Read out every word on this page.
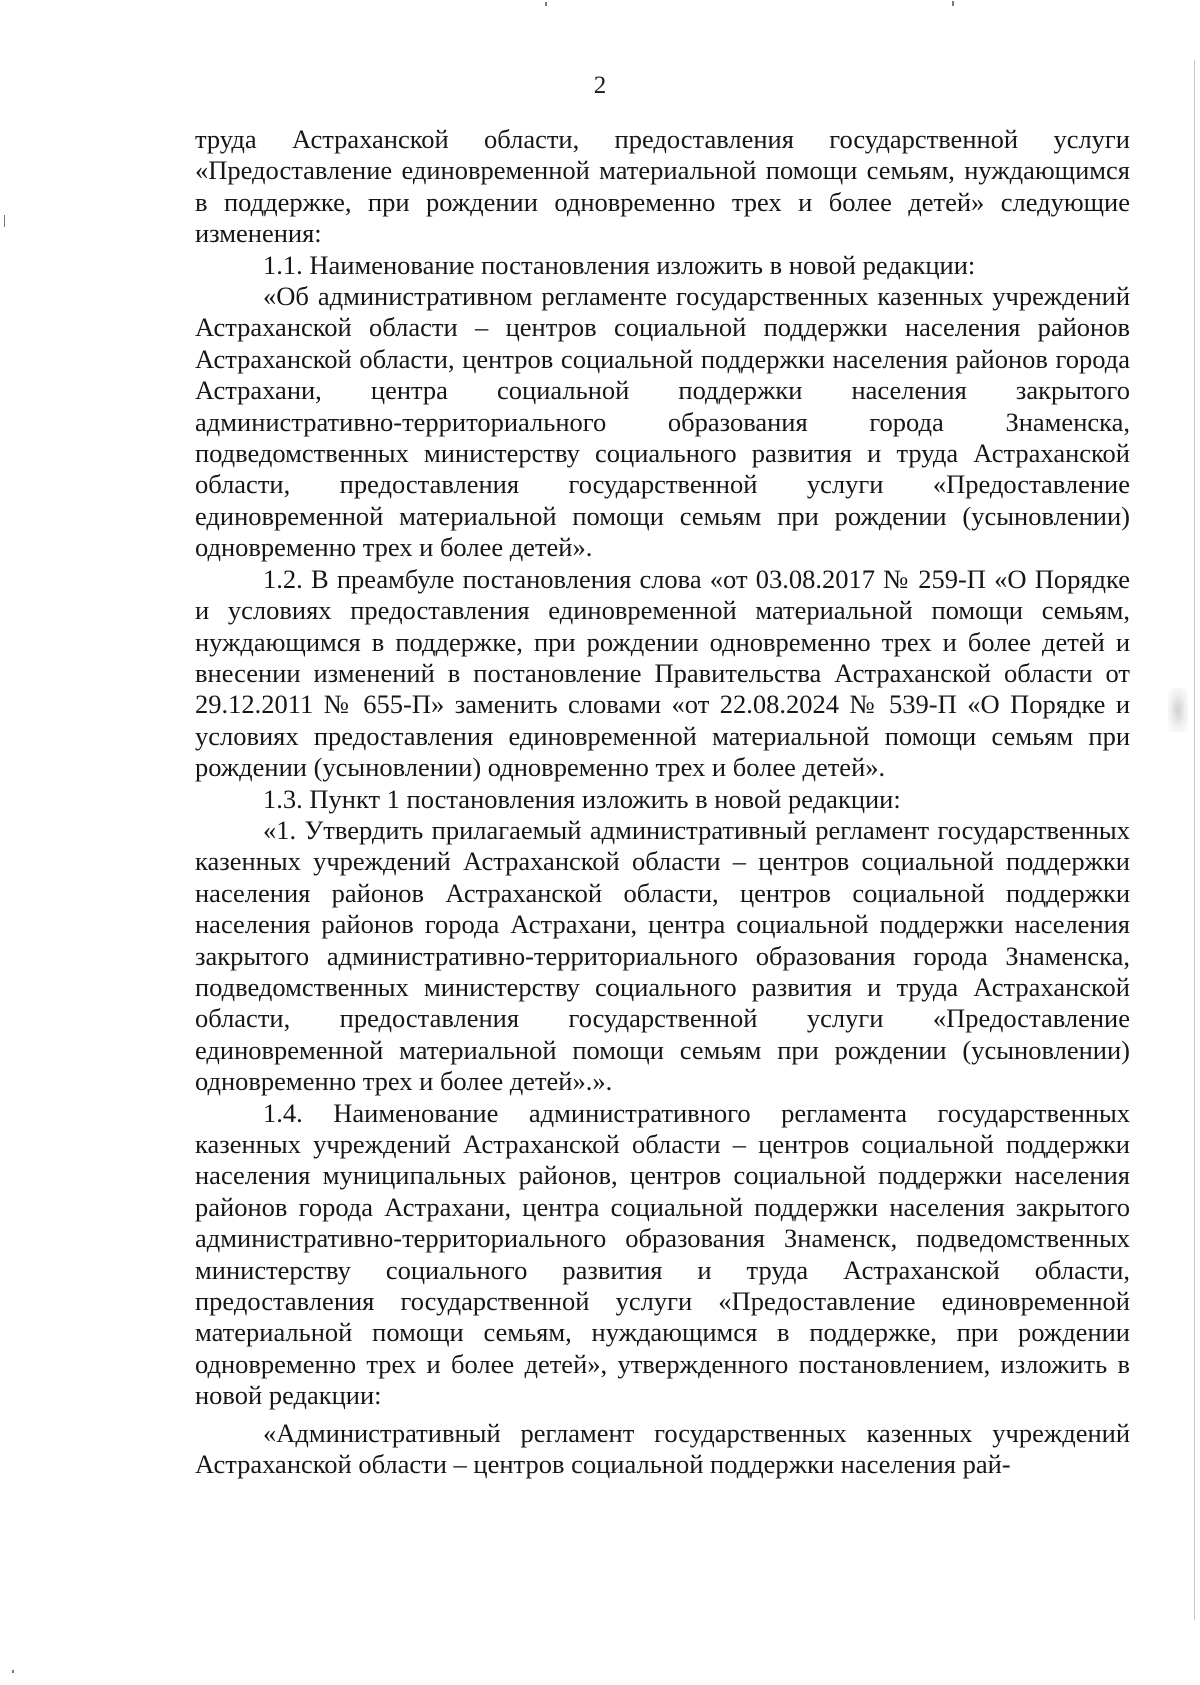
2

труда Астраханской области, предоставления государственной услуги «Предоставление единовременной материальной помощи семьям, нуждающимся в поддержке, при рождении одновременно трех и более детей» следующие изменения:

1.1. Наименование постановления изложить в новой редакции:

«Об административном регламенте государственных казенных учреждений Астраханской области – центров социальной поддержки населения районов Астраханской области, центров социальной поддержки населения районов города Астрахани, центра социальной поддержки населения закрытого административно-территориального образования города Знаменска, подведомственных министерству социального развития и труда Астраханской области, предоставления государственной услуги «Предоставление единовременной материальной помощи семьям при рождении (усыновлении) одновременно трех и более детей».

1.2. В преамбуле постановления слова «от 03.08.2017 № 259-П «О Порядке и условиях предоставления единовременной материальной помощи семьям, нуждающимся в поддержке, при рождении одновременно трех и более детей и внесении изменений в постановление Правительства Астраханской области от 29.12.2011 № 655-П» заменить словами «от 22.08.2024 № 539-П «О Порядке и условиях предоставления единовременной материальной помощи семьям при рождении (усыновлении) одновременно трех и более детей».

1.3. Пункт 1 постановления изложить в новой редакции:

«1. Утвердить прилагаемый административный регламент государственных казенных учреждений Астраханской области – центров социальной поддержки населения районов Астраханской области, центров социальной поддержки населения районов города Астрахани, центра социальной поддержки населения закрытого административно-территориального образования города Знаменска, подведомственных министерству социального развития и труда Астраханской области, предоставления государственной услуги «Предоставление единовременной материальной помощи семьям при рождении (усыновлении) одновременно трех и более детей».».

1.4. Наименование административного регламента государственных казенных учреждений Астраханской области – центров социальной поддержки населения муниципальных районов, центров социальной поддержки населения районов города Астрахани, центра социальной поддержки населения закрытого административно-территориального образования Знаменск, подведомственных министерству социального развития и труда Астраханской области, предоставления государственной услуги «Предоставление единовременной материальной помощи семьям, нуждающимся в поддержке, при рождении одновременно трех и более детей», утвержденного постановлением, изложить в новой редакции:

«Административный регламент государственных казенных учреждений Астраханской области – центров социальной поддержки населения рай-
